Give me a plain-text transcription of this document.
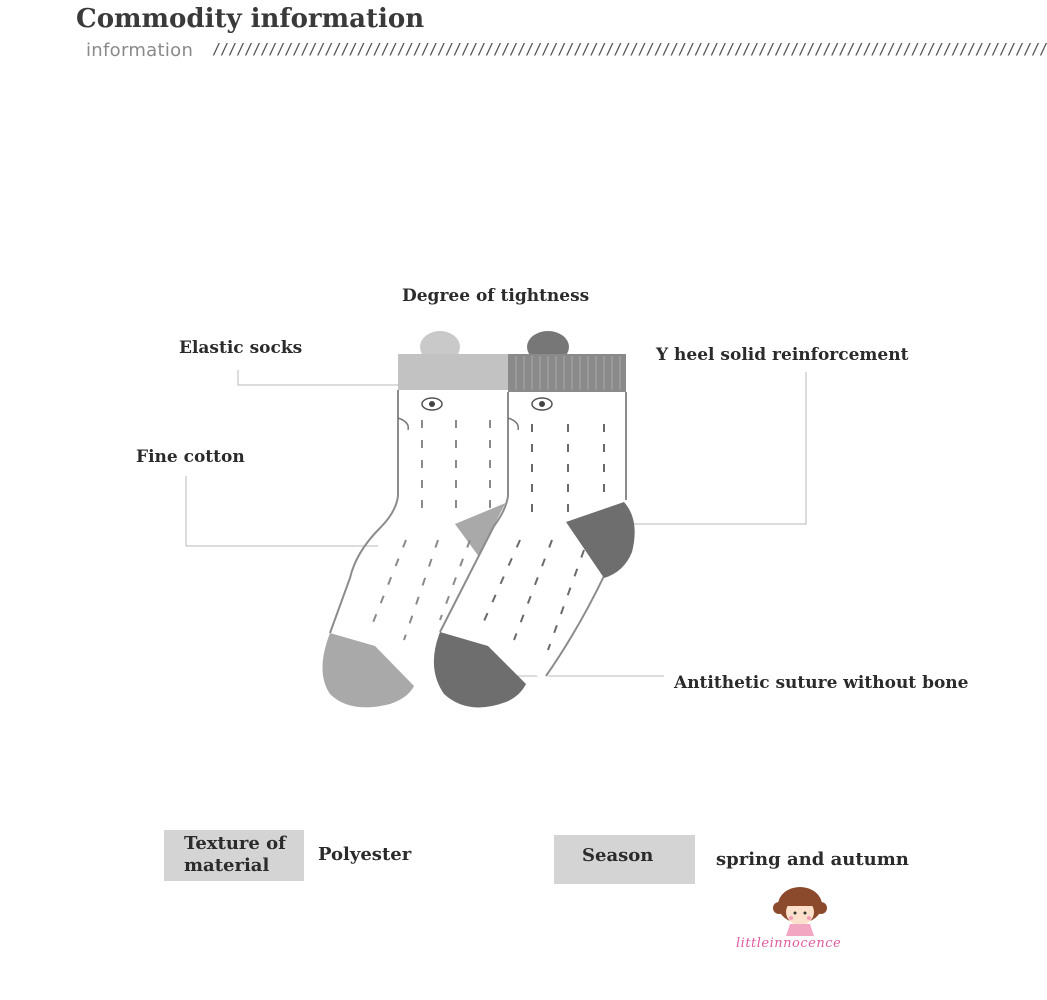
Commodity information
information ////////////////////////////////////////////////////////////////////////////////////////////////////////
Degree of tightness
Elastic socks
Fine cotton
Y heel solid reinforcement
Antithetic suture without bone
Texture of
material
Polyester	Season	spring and autumn
littleinnocence
